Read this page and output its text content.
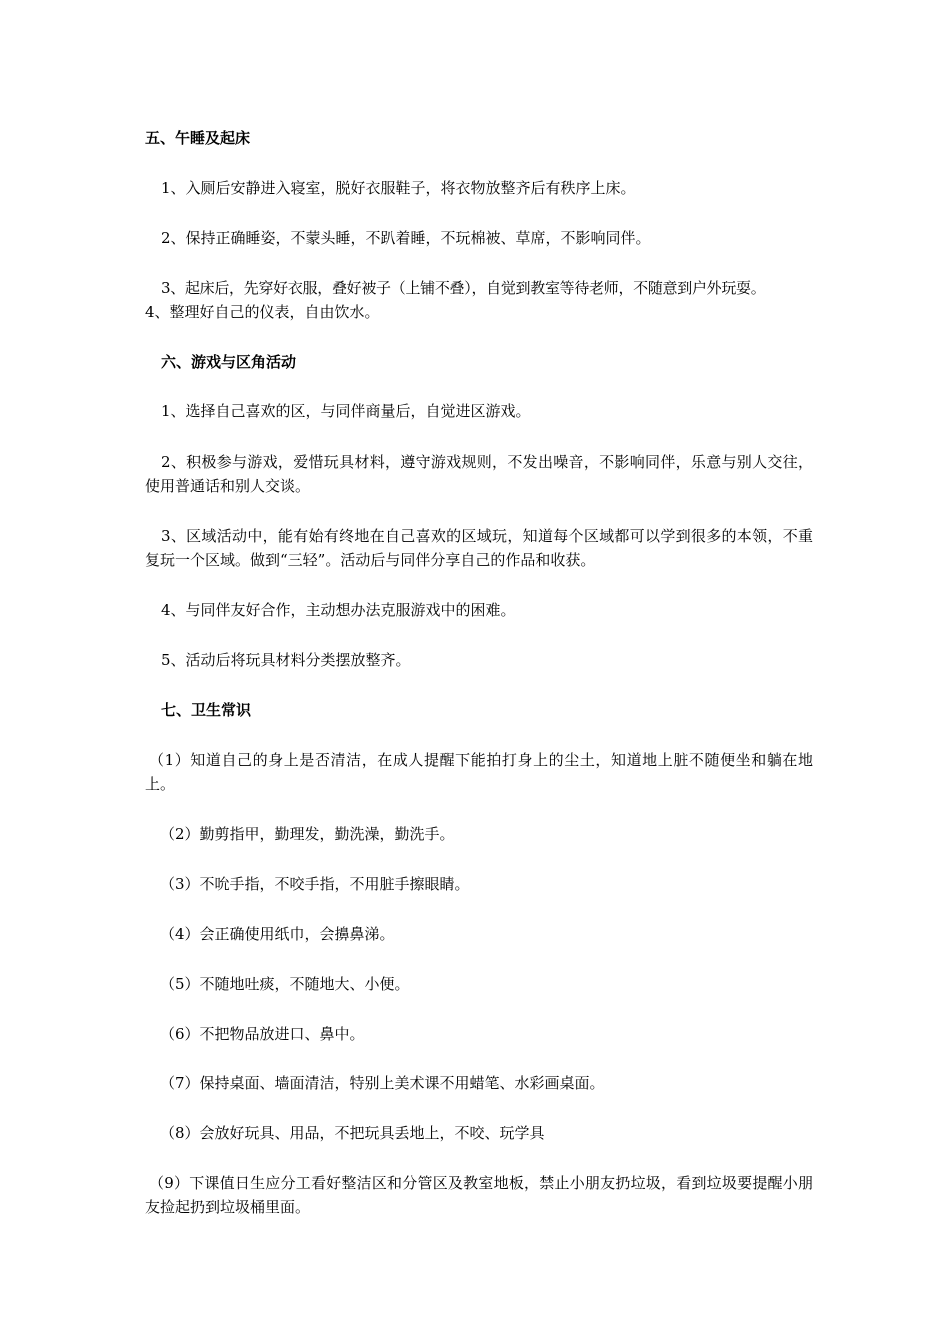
五、午睡及起床

1、入厕后安静进入寝室，脱好衣服鞋子，将衣物放整齐后有秩序上床。

2、保持正确睡姿，不蒙头睡，不趴着睡，不玩棉被、草席，不影响同伴。

3、起床后，先穿好衣服，叠好被子（上铺不叠），自觉到教室等待老师，不随意到户外玩耍。

4、整理好自己的仪表，自由饮水。

六、游戏与区角活动

1、选择自己喜欢的区，与同伴商量后，自觉进区游戏。

2、积极参与游戏，爱惜玩具材料，遵守游戏规则，不发出噪音，不影响同伴，乐意与别人交往，使用普通话和别人交谈。

3、区域活动中，能有始有终地在自己喜欢的区域玩，知道每个区域都可以学到很多的本领，不重复玩一个区域。做到“三轻”。活动后与同伴分享自己的作品和收获。

4、与同伴友好合作，主动想办法克服游戏中的困难。

5、活动后将玩具材料分类摆放整齐。

七、卫生常识

（1）知道自己的身上是否清洁，在成人提醒下能拍打身上的尘土，知道地上脏不随便坐和躺在地上。

（2）勤剪指甲，勤理发，勤洗澡，勤洗手。

（3）不吮手指，不咬手指，不用脏手擦眼睛。

（4）会正确使用纸巾，会擤鼻涕。

（5）不随地吐痰，不随地大、小便。

（6）不把物品放进口、鼻中。

（7）保持桌面、墙面清洁，特别上美术课不用蜡笔、水彩画桌面。

（8）会放好玩具、用品，不把玩具丢地上，不咬、玩学具

（9）下课值日生应分工看好整洁区和分管区及教室地板，禁止小朋友扔垃圾，看到垃圾要提醒小朋友捡起扔到垃圾桶里面。
